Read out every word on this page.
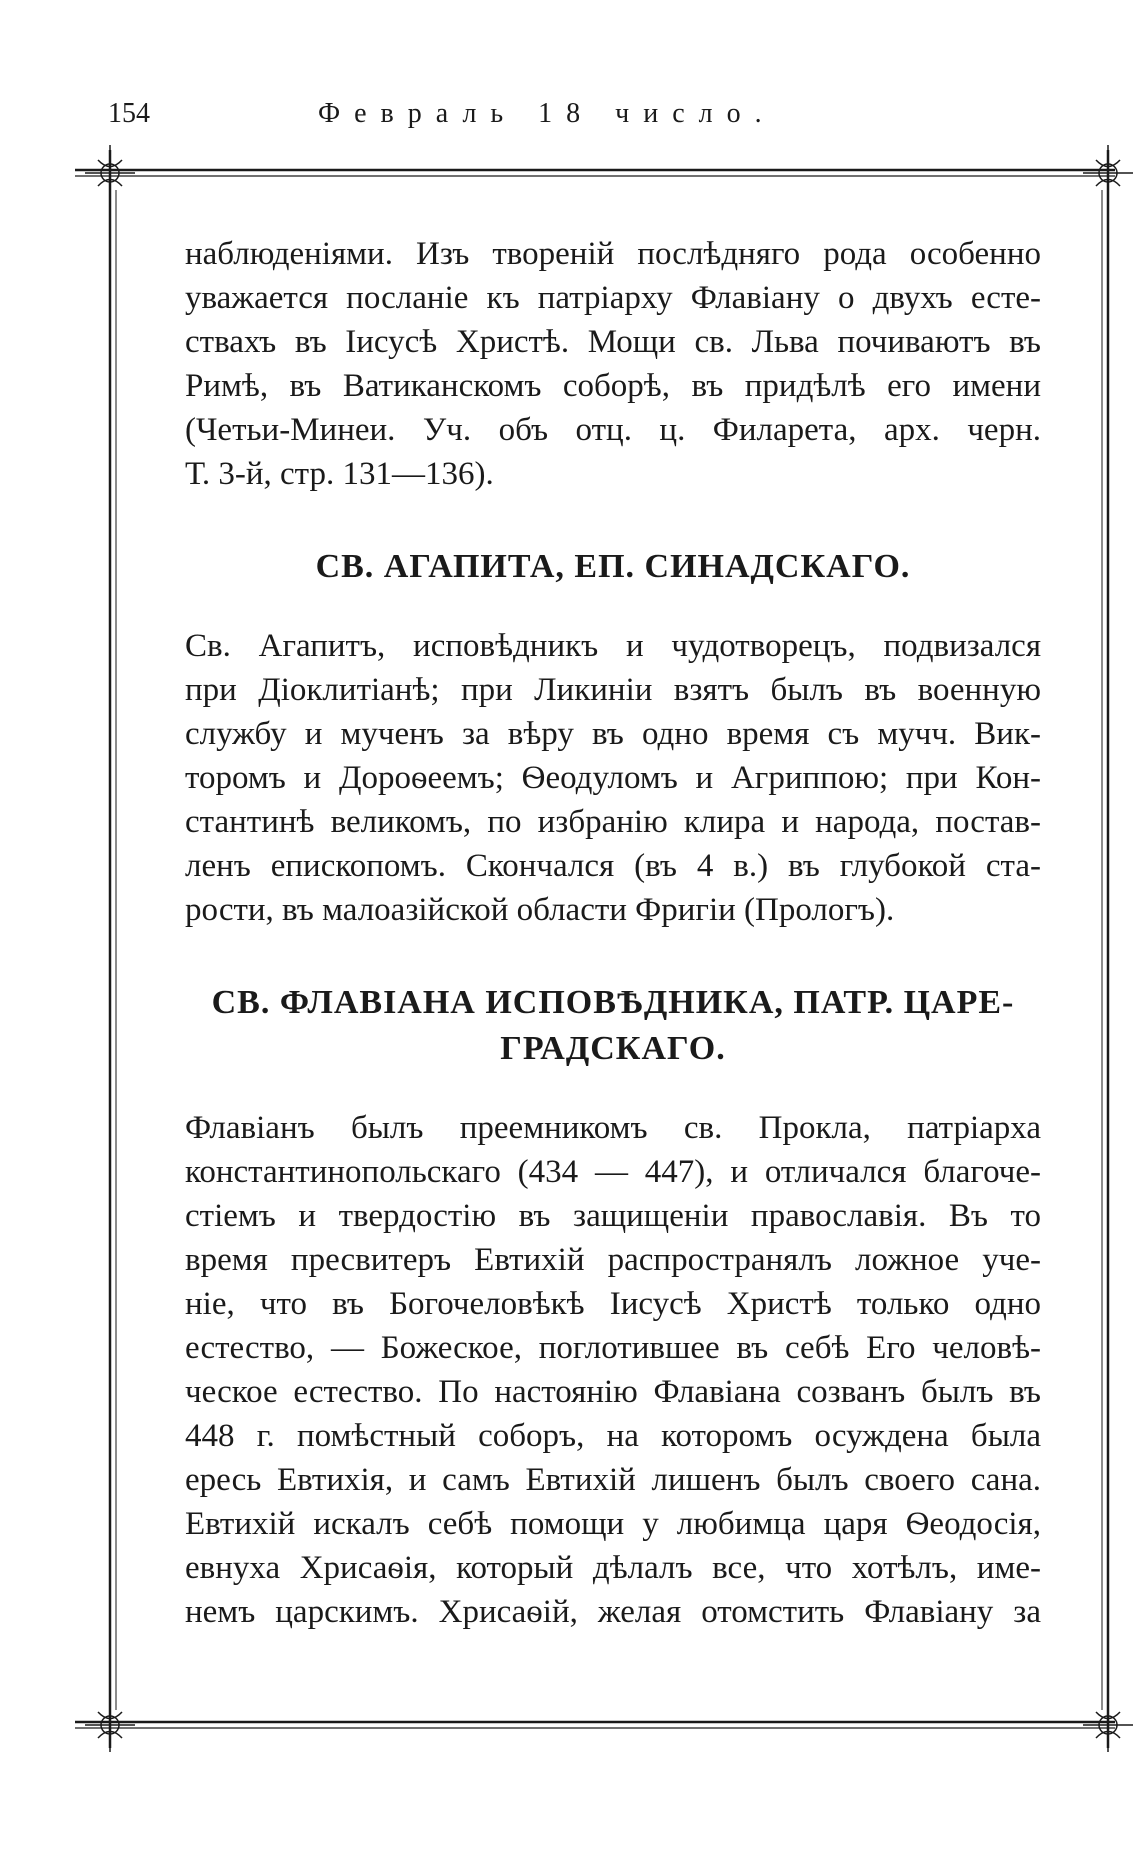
154	Февраль 18 число.

наблюденіями. Изъ твореній послѣдняго рода особенно
уважается посланіе къ патріарху Флавіану о двухъ есте-
ствахъ въ Іисусѣ Христѣ. Мощи св. Льва почиваютъ въ
Римѣ, въ Ватиканскомъ соборѣ, въ придѣлѣ его имени
(Четьи-Минеи. Уч. объ отц. ц. Филарета, арх. черн.
Т. 3-й, стр. 131—136).

СВ. АГАПИТА, ЕП. СИНАДСКАГО.

Св. Агапитъ, исповѣдникъ и чудотворецъ, подвизался
при Діоклитіанѣ; при Ликиніи взятъ былъ въ военную
службу и мученъ за вѣру въ одно время съ мучч. Вик-
торомъ и Дороѳеемъ; Ѳеодуломъ и Агриппою; при Кон-
стантинѣ великомъ, по избранію клира и народа, постав-
ленъ епископомъ. Скончался (въ 4 в.) въ глубокой ста-
рости, въ малоазійской области Фригіи (Прологъ).

СВ. ФЛАВІАНА ИСПОВѢДНИКА, ПАТР. ЦАРЕ-
ГРАДСКАГО.

Флавіанъ былъ преемникомъ св. Прокла, патріарха
константинопольскаго (434 — 447), и отличался благоче-
стіемъ и твердостію въ защищеніи православія. Въ то
время пресвитеръ Евтихій распространялъ ложное уче-
ніе, что въ Богочеловѣкѣ Іисусѣ Христѣ только одно
естество, — Божеское, поглотившее въ себѣ Его человѣ-
ческое естество. По настоянію Флавіана созванъ былъ въ
448 г. помѣстный соборъ, на которомъ осуждена была
ересь Евтихія, и самъ Евтихій лишенъ былъ своего сана.
Евтихій искалъ себѣ помощи у любимца царя Ѳеодосія,
евнуха Хрисаѳія, который дѣлалъ все, что хотѣлъ, име-
немъ царскимъ. Хрисаѳій, желая отомстить Флавіану за
